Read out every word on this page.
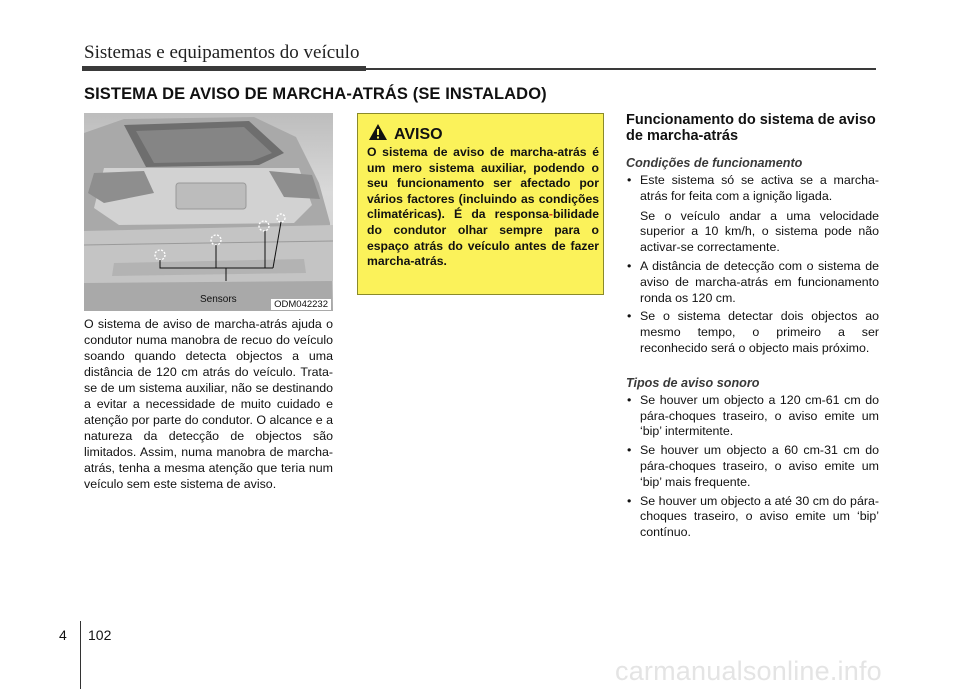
Sistemas e equipamentos do veículo
SISTEMA DE AVISO DE MARCHA-ATRÁS (SE INSTALADO)
Sensors	ODM042232
O sistema de aviso de marcha-atrás ajuda o condutor numa manobra de recuo do veículo soando quando detecta objectos a uma distância de 120 cm atrás do veículo. Trata-se de um sistema auxiliar, não se destinando a evitar a necessidade de muito cuidado e atenção por parte do condutor. O alcance e a natureza da detecção de objectos são limitados. Assim, numa manobra de marcha-atrás, tenha a mesma atenção que teria num veículo sem este sistema de aviso.
AVISO
O sistema de aviso de marcha-atrás é um mero sistema auxiliar, podendo o seu funcionamento ser afectado por vários factores (incluindo as condições climatéricas). É da responsa-bilidade do condutor olhar sempre para o espaço atrás do veículo antes de fazer marcha-atrás.

Funcionamento do sistema de aviso de marcha-atrás

Condições de funcionamento

• Este sistema só se activa se a marcha-atrás for feita com a ignição ligada.

Se o veículo andar a uma velocidade superior a 10 km/h, o sistema pode não activar-se correctamente.

• A distância de detecção com o sistema de aviso de marcha-atrás em funcionamento ronda os 120 cm.
• Se o sistema detectar dois objectos ao mesmo tempo, o primeiro a ser reconhecido será o objecto mais próximo.

Tipos de aviso sonoro

• Se houver um objecto a 120 cm-61 cm do pára-choques traseiro, o aviso emite um ‘bip’ intermitente.
• Se houver um objecto a 60 cm-31 cm do pára-choques traseiro, o aviso emite um ‘bip’ mais frequente.
• Se houver um objecto a até 30 cm do pára-choques traseiro, o aviso emite um ‘bip’ contínuo.
4 102
carmanualsonline.info
